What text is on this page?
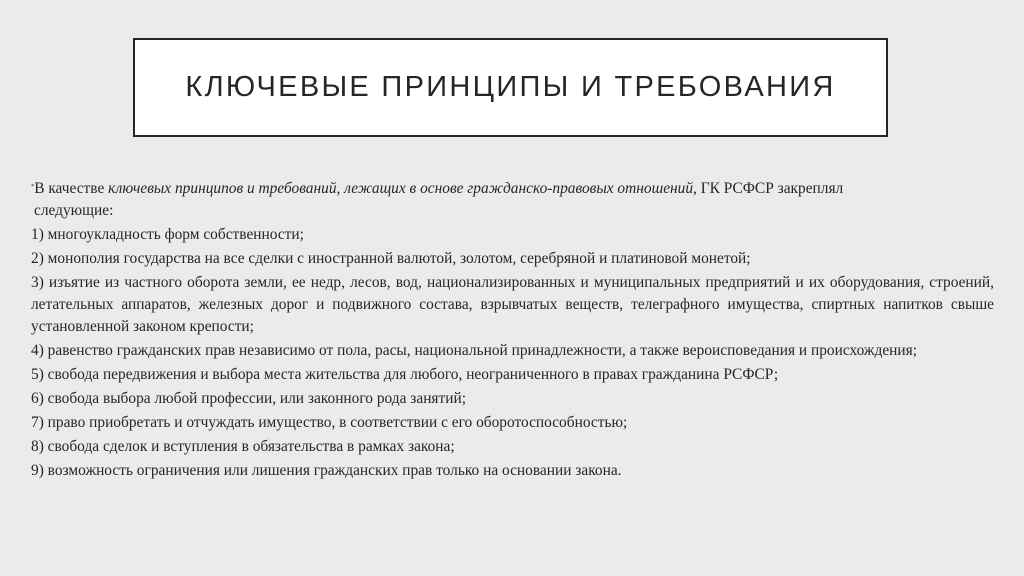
КЛЮЧЕВЫЕ ПРИНЦИПЫ И ТРЕБОВАНИЯ

▪В качестве ключевых принципов и требований, лежащих в основе гражданско-правовых отношений, ГК РСФСР закреплял
следующие:

1) многоукладность форм собственности;

2) монополия государства на все сделки с иностранной валютой, золотом, серебряной и платиновой монетой;

3) изъятие из частного оборота земли, ее недр, лесов, вод, национализированных и муниципальных предприятий и их оборудования, строений, летательных аппаратов, железных дорог и подвижного состава, взрывчатых веществ, телеграфного имущества, спиртных напитков свыше установленной законом крепости;

4) равенство гражданских прав независимо от пола, расы, национальной принадлежности, а также вероисповедания и происхождения;

5) свобода передвижения и выбора места жительства для любого, неограниченного в правах гражданина РСФСР;

6) свобода выбора любой профессии, или законного рода занятий;

7) право приобретать и отчуждать имущество, в соответствии с его оборотоспособностью;

8) свобода сделок и вступления в обязательства в рамках закона;

9) возможность ограничения или лишения гражданских прав только на основании закона.
